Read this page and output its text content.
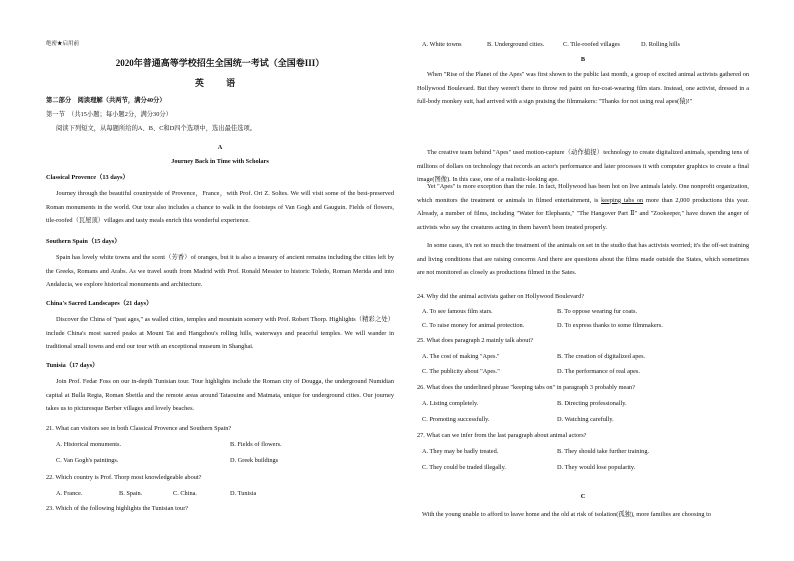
绝密★启用前
2020年普通高等学校招生全国统一考试（全国卷III）
英 语
第二部分　阅读理解（共两节，满分40分）
第一节　（共15小题；每小题2分，满分30分）
阅读下列短文，从每题所给的A、B、C和D四个选项中，选出最佳选项。
A
Journey Back in Time with Scholars
Classical Provence（13 days）
Journey through the beautiful countryside of Provence，France，with Prof. Ori Z. Soltes. We will visit some of the best-preserved Roman monuments in the world. Our tour also includes a chance to walk in the footsteps of Van Gogh and Gauguin. Fields of flowers, tile-roofed（瓦屋顶）villages and tasty meals enrich this wonderful experience.
Southern Spain（15 days）
Spain has lovely white towns and the scent（芳香）of oranges, but it is also a treasury of ancient remains including the cities left by the Greeks, Romans and Arabs. As we travel south from Madrid with Prof. Ronald Messier to historic Toledo, Roman Merida and into Andalucia, we explore historical monuments and architecture.
China's Sacred Landscapes（21 days）
Discover the China of "past ages," as walled cities, temples and mountain scenery with Prof. Robert Thorp. Highlights（精彩之处）include China's most sacred peaks at Mount Tai and Hangzhou's rolling hills, waterways and peaceful temples. We will wander in traditional small towns and end our tour with an exceptional museum in Shanghai.
Tunisia（17 days）
Join Prof. Fedar Foss on our in-depth Tunisian tour. Tour highlights include the Roman city of Dougga, the underground Numidian capital at Bulla Regia, Roman Sbeitla and the remote areas around Tataouine and Matmata, unique for underground cities. Our journey takes us to picturesque Berber villages and lovely beaches.
21. What can visitors see in both Classical Provence and Southern Spain?
A. Historical monuments.	B. Fields of flowers.
C. Van Gogh's paintings.	D. Greek buildings
22. Which country is Prof. Thorp most knowledgeable about?
A. France.	B. Spain.	C. China.	D. Tunisia
23. Which of the following highlights the Tunisian tour?
A. White towns	B. Underground cities.	C. Tile-roofed villages	D. Rolling hills
B
When "Rise of the Planet of the Apes" was first shown to the public last month, a group of excited animal activists gathered on Hollywood Boulevard. But they weren't there to throw red paint on fur-coat-wearing film stars. Instead, one activist, dressed in a full-body monkey suit, had arrived with a sign praising the filmmakers: "Thanks for not using real apes(猿)!"
The creative team behind "Apes" used motion-capture（动作捕捉）technology to create digitalized animals, spending tens of millions of dollars on technology that records an actor's performance and later processes it with computer graphics to create a final image(图像). In this case, one of a realistic-looking ape.
Yet "Apes" is more exception than the rule. In fact, Hollywood has been hot on live animals lately. One nonprofit organization, which monitors the treatment or animals in filmed entertainment, is keeping tabs on more than 2,000 productions this year. Already, a number of films, including "Water for Elephants," "The Hangover Part Ⅱ" and "Zookeeper," have drawn the anger of activists who say the creatures acting in them haven't been treated properly.
In some cases, it's not so much the treatment of the animals on set in the studio that has activists worried; it's the off-set training and living conditions that are raising concerns And there are questions about the films made outside the States, which sometimes are not monitored as closely as productions filmed in the Sates.
24. Why did the animal activists gather on Hollywood Boulevard?
A. To see famous film stars.	B. To oppose wearing fur coats.
C. To raise money for animal protection.	D. To express thanks to some filmmakers.
25. What does paragraph 2 mainly talk about?
A. The cost of making "Apes."	B. The creation of digitalized apes.
C. The publicity about "Apes."	D. The performance of real apes.
26. What does the underlined phrase "keeping tabs on" in paragraph 3 probably mean?
A. Listing completely.	B. Directing professionally.
C. Promoting successfully.	D. Watching carefully.
27. What can we infer from the last paragraph about animal actors?
A. They may be badly treated.	B. They should take further training.
C. They could be traded illegally.	D. They would lose popularity.
C
With the young unable to afford to leave home and the old at risk of isolation(孤独), more families are choosing to
